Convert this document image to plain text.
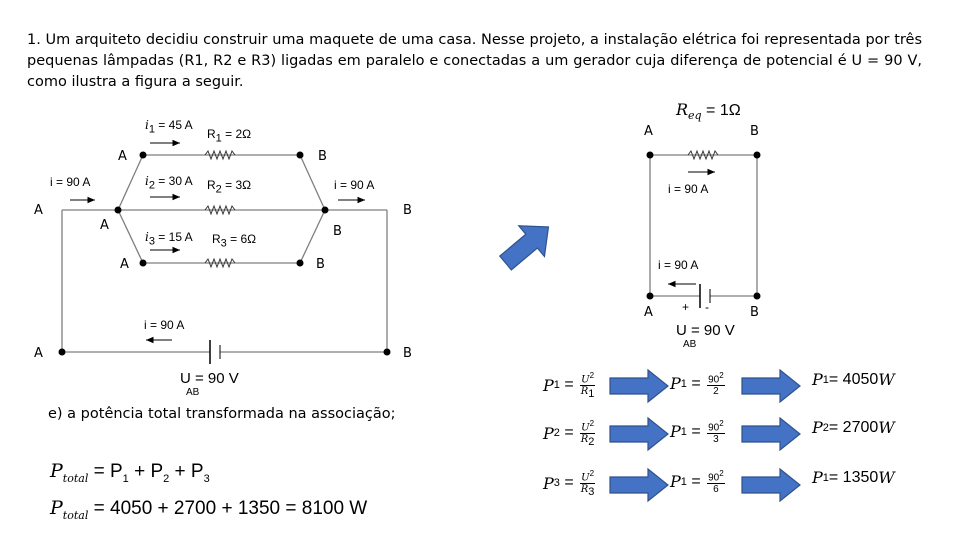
1. Um arquiteto decidiu construir uma maquete de uma casa. Nesse projeto, a instalação elétrica foi representada por três pequenas lâmpadas (R1, R2 e R3) ligadas em paralelo e conectadas a um gerador cuja diferença de potencial é U = 90 V, como ilustra a figura a seguir.
i1 = 45 A
R1 = 2Ω
i2 = 30 A R2 = 3Ω
i3 = 15 A R3 = 6Ω
A	B
A
A
B
B
A	B
A	B
i = 90 A	i = 90 A
i = 90 A
U = 90 V
AB
$R_{eq} = 1\Omega$
A	B
i = 90 A
i = 90 A
A	B
+ -
U = 90 V
AB
e) a potência total transformada na associação;
$P_{total} = P_1 + P_2 + P_3$
$P_{total} = 4050 + 2700 + 1350 = 8100$ W
P $1 = \frac{U^2}{R1}$	P $1 = \frac{90^2}{2}$	P 1 = 4050 W
P $2 = \frac{U^2}{R2}$	P $1 = \frac{90^2}{3}$	P 2 = 2700 W
P $3 = \frac{U^2}{R3}$	P $1 = \frac{90^2}{6}$	P 1 = 1350 W
